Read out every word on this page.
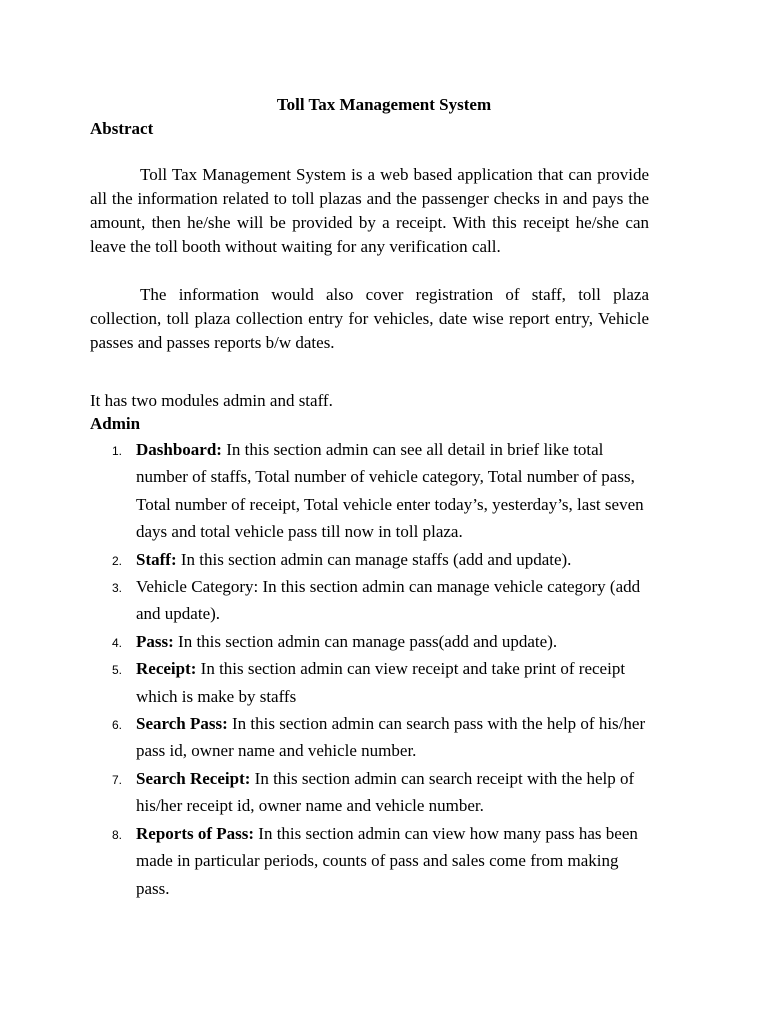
Toll Tax Management System
Abstract

Toll Tax Management System is a web based application that can provide all the information related to toll plazas and the passenger checks in and pays the amount, then he/she will be provided by a receipt. With this receipt he/she can leave the toll booth without waiting for any verification call.

The information would also cover registration of staff, toll plaza collection, toll plaza collection entry for vehicles, date wise report entry, Vehicle passes and passes reports b/w dates.

It has two modules admin and staff.

Admin
1. Dashboard: In this section admin can see all detail in brief like total number of staffs, Total number of vehicle category, Total number of pass, Total number of receipt, Total vehicle enter today’s, yesterday’s, last seven days and total vehicle pass till now in toll plaza.
2. Staff: In this section admin can manage staffs (add and update).
3. Vehicle Category: In this section admin can manage vehicle category (add and update).
4. Pass: In this section admin can manage pass(add and update).
5. Receipt: In this section admin can view receipt and take print of receipt which is make by staffs
6. Search Pass: In this section admin can search pass with the help of his/her pass id, owner name and vehicle number.
7. Search Receipt: In this section admin can search receipt with the help of his/her receipt id, owner name and vehicle number.
8. Reports of Pass: In this section admin can view how many pass has been made in particular periods, counts of pass and sales come from making pass.
